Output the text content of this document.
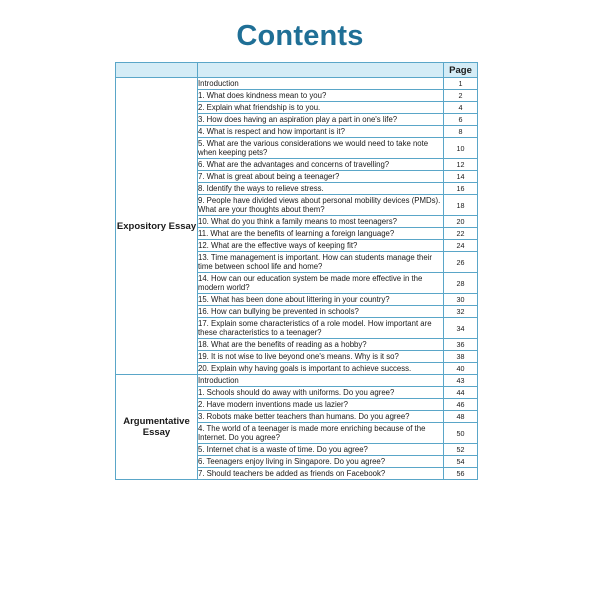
Contents
		Page
Expository Essay	Introduction	1
	1. What does kindness mean to you?	2
	2. Explain what friendship is to you.	4
	3. How does having an aspiration play a part in one's life?	6
	4. What is respect and how important is it?	8
	5. What are the various considerations we would need to take note when keeping pets?	10
	6. What are the advantages and concerns of travelling?	12
	7. What is great about being a teenager?	14
	8. Identify the ways to relieve stress.	16
	9. People have divided views about personal mobility devices (PMDs). What are your thoughts about them?	18
	10. What do you think a family means to most teenagers?	20
	11. What are the benefits of learning a foreign language?	22
	12. What are the effective ways of keeping fit?	24
	13. Time management is important. How can students manage their time between school life and home?	26
	14. How can our education system be made more effective in the modern world?	28
	15. What has been done about littering in your country?	30
	16. How can bullying be prevented in schools?	32
	17. Explain some characteristics of a role model. How important are these characteristics to a teenager?	34
	18. What are the benefits of reading as a hobby?	36
	19. It is not wise to live beyond one's means. Why is it so?	38
	20. Explain why having goals is important to achieve success.	40
Argumentative Essay	Introduction	43
	1. Schools should do away with uniforms. Do you agree?	44
	2. Have modern inventions made us lazier?	46
	3. Robots make better teachers than humans. Do you agree?	48
	4. The world of a teenager is made more enriching because of the Internet. Do you agree?	50
	5. Internet chat is a waste of time. Do you agree?	52
	6. Teenagers enjoy living in Singapore. Do you agree?	54
	7. Should teachers be added as friends on Facebook?	56
